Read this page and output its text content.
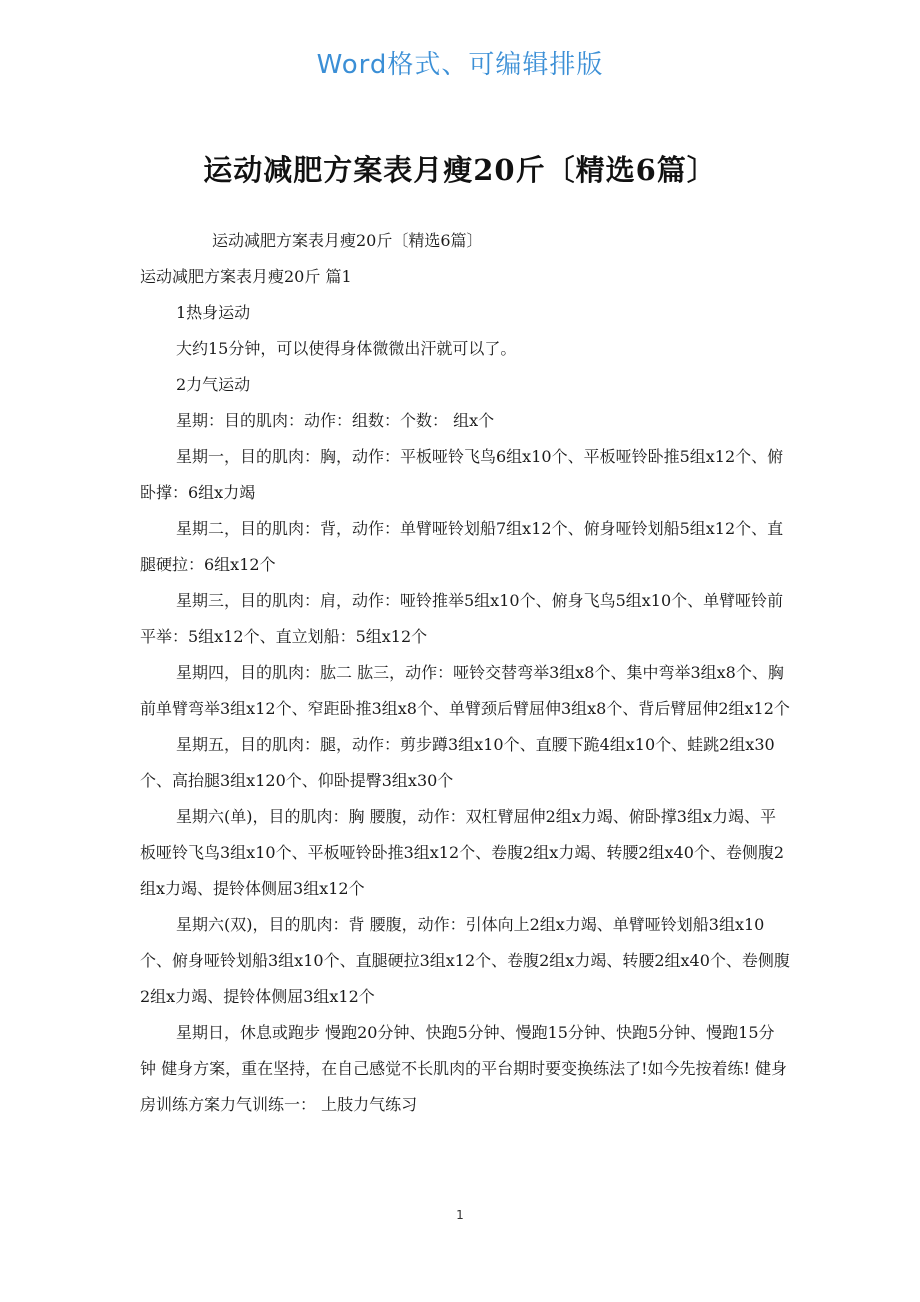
Word格式、可编辑排版
运动减肥方案表月瘦20斤〔精选6篇〕

运动减肥方案表月瘦20斤〔精选6篇〕

运动减肥方案表月瘦20斤 篇1

1热身运动

大约15分钟，可以使得身体微微出汗就可以了。

2力气运动

星期：目的肌肉：动作：组数：个数： 组x个

星期一，目的肌肉：胸，动作：平板哑铃飞鸟6组x10个、平板哑铃卧推5组x12个、俯卧撑：6组x力竭

星期二，目的肌肉：背，动作：单臂哑铃划船7组x12个、俯身哑铃划船5组x12个、直腿硬拉：6组x12个

星期三，目的肌肉：肩，动作：哑铃推举5组x10个、俯身飞鸟5组x10个、单臂哑铃前平举：5组x12个、直立划船：5组x12个

星期四，目的肌肉：肱二 肱三，动作：哑铃交替弯举3组x8个、集中弯举3组x8个、胸前单臂弯举3组x12个、窄距卧推3组x8个、单臂颈后臂屈伸3组x8个、背后臂屈伸2组x12个

星期五，目的肌肉：腿，动作：剪步蹲3组x10个、直腰下跪4组x10个、蛙跳2组x30个、高抬腿3组x120个、仰卧提臀3组x30个

星期六(单)，目的肌肉：胸 腰腹，动作：双杠臂屈伸2组x力竭、俯卧撑3组x力竭、平板哑铃飞鸟3组x10个、平板哑铃卧推3组x12个、卷腹2组x力竭、转腰2组x40个、卷侧腹2组x力竭、提铃体侧屈3组x12个

星期六(双)，目的肌肉：背 腰腹，动作：引体向上2组x力竭、单臂哑铃划船3组x10个、俯身哑铃划船3组x10个、直腿硬拉3组x12个、卷腹2组x力竭、转腰2组x40个、卷侧腹2组x力竭、提铃体侧屈3组x12个

星期日，休息或跑步 慢跑20分钟、快跑5分钟、慢跑15分钟、快跑5分钟、慢跑15分钟 健身方案，重在坚持，在自己感觉不长肌肉的平台期时要变换练法了!如今先按着练! 健身房训练方案力气训练一： 上肢力气练习

1
